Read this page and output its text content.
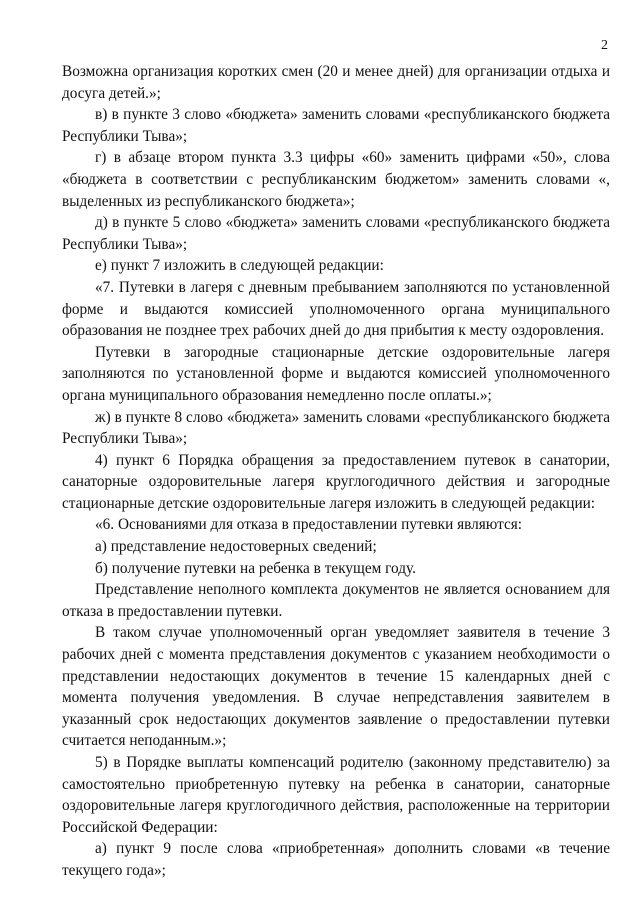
2

Возможна организация коротких смен (20 и менее дней) для организации отдыха и досуга детей.»;

в) в пункте 3 слово «бюджета» заменить словами «республиканского бюджета Республики Тыва»;

г) в абзаце втором пункта 3.3 цифры «60» заменить цифрами «50», слова «бюджета в соответствии с республиканским бюджетом» заменить словами «, выделенных из республиканского бюджета»;

д) в пункте 5 слово «бюджета» заменить словами «республиканского бюджета Республики Тыва»;

е) пункт 7 изложить в следующей редакции:

«7. Путевки в лагеря с дневным пребыванием заполняются по установленной форме и выдаются комиссией уполномоченного органа муниципального образования не позднее трех рабочих дней до дня прибытия к месту оздоровления.

Путевки в загородные стационарные детские оздоровительные лагеря заполняются по установленной форме и выдаются комиссией уполномоченного органа муниципального образования немедленно после оплаты.»;

ж) в пункте 8 слово «бюджета» заменить словами «республиканского бюджета Республики Тыва»;

4) пункт 6 Порядка обращения за предоставлением путевок в санатории, санаторные оздоровительные лагеря круглогодичного действия и загородные стационарные детские оздоровительные лагеря изложить в следующей редакции:

«6. Основаниями для отказа в предоставлении путевки являются:

а) представление недостоверных сведений;

б) получение путевки на ребенка в текущем году.

Представление неполного комплекта документов не является основанием для отказа в предоставлении путевки.

В таком случае уполномоченный орган уведомляет заявителя в течение 3 рабочих дней с момента представления документов с указанием необходимости о представлении недостающих документов в течение 15 календарных дней с момента получения уведомления. В случае непредставления заявителем в указанный срок недостающих документов заявление о предоставлении путевки считается неподанным.»;

5) в Порядке выплаты компенсаций родителю (законному представителю) за самостоятельно приобретенную путевку на ребенка в санатории, санаторные оздоровительные лагеря круглогодичного действия, расположенные на территории Российской Федерации:

а) пункт 9 после слова «приобретенная» дополнить словами «в течение текущего года»;
